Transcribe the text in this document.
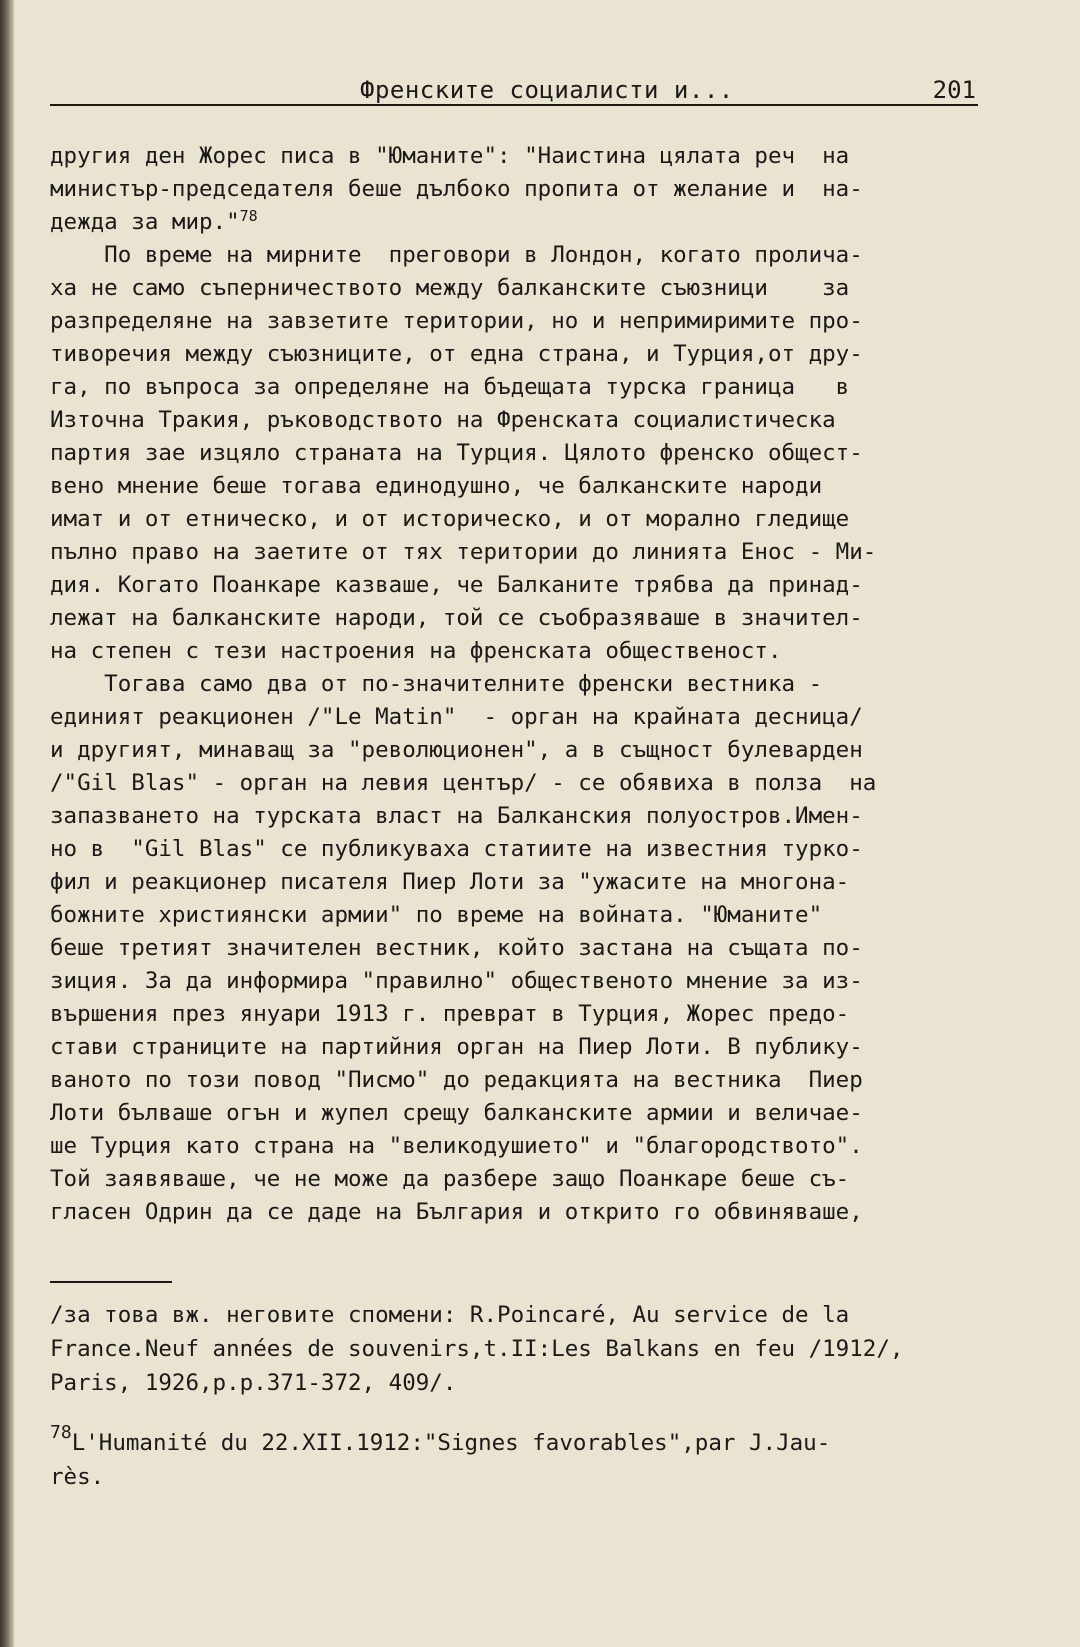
Френските социалисти и...	201
другия ден Жорес писа в "Юманите": "Наистина цялата реч  на
министър-председателя беше дълбоко пропита от желание и  на-
дежда за мир."$^{78}$
По време на мирните  преговори в Лондон, когато пролича-
ха не само съперничеството между балканските съюзници    за
разпределяне на завзетите територии, но и непримиримите про-
тиворечия между съюзниците, от една страна, и Турция,от дру-
га, по въпроса за определяне на бъдещата турска граница   в
Източна Тракия, ръководството на Френската социалистическа
партия зае изцяло страната на Турция. Цялото френско общест-
вено мнение беше тогава единодушно, че балканските народи
имат и от етническо, и от историческо, и от морално гледище
пълно право на заетите от тях територии до линията Енос - Ми-
дия. Когато Поанкаре казваше, че Балканите трябва да принад-
лежат на балканските народи, той се съобразяваше в значител-
на степен с тези настроения на френската общественост.
Тогава само два от по-значителните френски вестника -
единият реакционен /"Le Matin"  - орган на крайната десница/
и другият, минаващ за "революционен", а в същност булеварден
/"Gil Blas" - орган на левия център/ - се обявиха в полза  на
запазването на турската власт на Балканския полуостров.Имен-
но в  "Gil Blas" се публикуваха статиите на известния турко-
фил и реакционер писателя Пиер Лоти за "ужасите на многона-
божните християнски армии" по време на войната. "Юманите"
беше третият значителен вестник, който застана на същата по-
зиция. За да информира "правилно" общественото мнение за из-
вършения през януари 1913 г. преврат в Турция, Жорес предо-
стави страниците на партийния орган на Пиер Лоти. В публику-
ваното по този повод "Писмо" до редакцията на вестника  Пиер
Лоти бълваше огън и жупел срещу балканските армии и величае-
ше Турция като страна на "великодушието" и "благородството".
Той заявяваше, че не може да разбере защо Поанкаре беше съ-
гласен Одрин да се даде на България и открито го обвиняваше,
/за това вж. неговите спомени: R.Poincaré, Au service de la
France.Neuf années de souvenirs,t.II:Les Balkans en feu /1912/,
Paris, 1926,p.p.371-372, 409/.
$^{78}$L'Humanité du 22.XII.1912:"Signes favorables",par J.Jau-
rès.
